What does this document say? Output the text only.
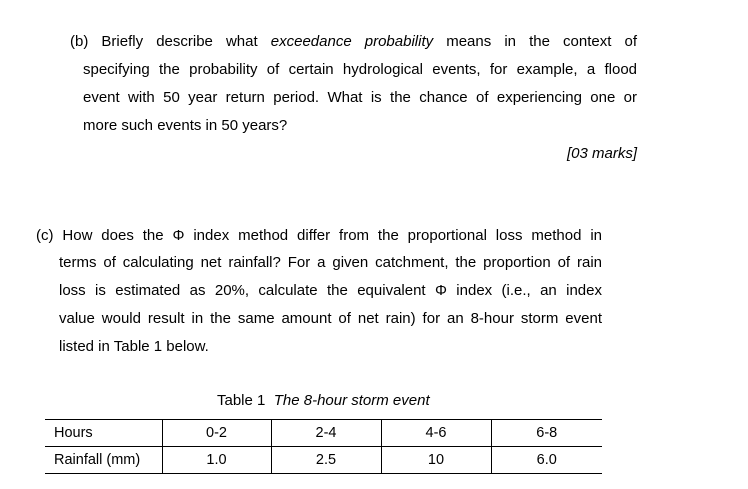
(b) Briefly describe what exceedance probability means in the context of
specifying the probability of certain hydrological events, for example, a flood
event with 50 year return period. What is the chance of experiencing one or
more such events in 50 years?
[03 marks]
(c) How does the Φ index method differ from the proportional loss method in
terms of calculating net rainfall? For a given catchment, the proportion of rain
loss is estimated as 20%, calculate the equivalent Φ index (i.e., an index
value would result in the same amount of net rain) for an 8-hour storm event
listed in Table 1 below.
Table 1 The 8-hour storm event
Hours	0-2	2-4	4-6	6-8
Rainfall (mm)	1.0	2.5	10	6.0
